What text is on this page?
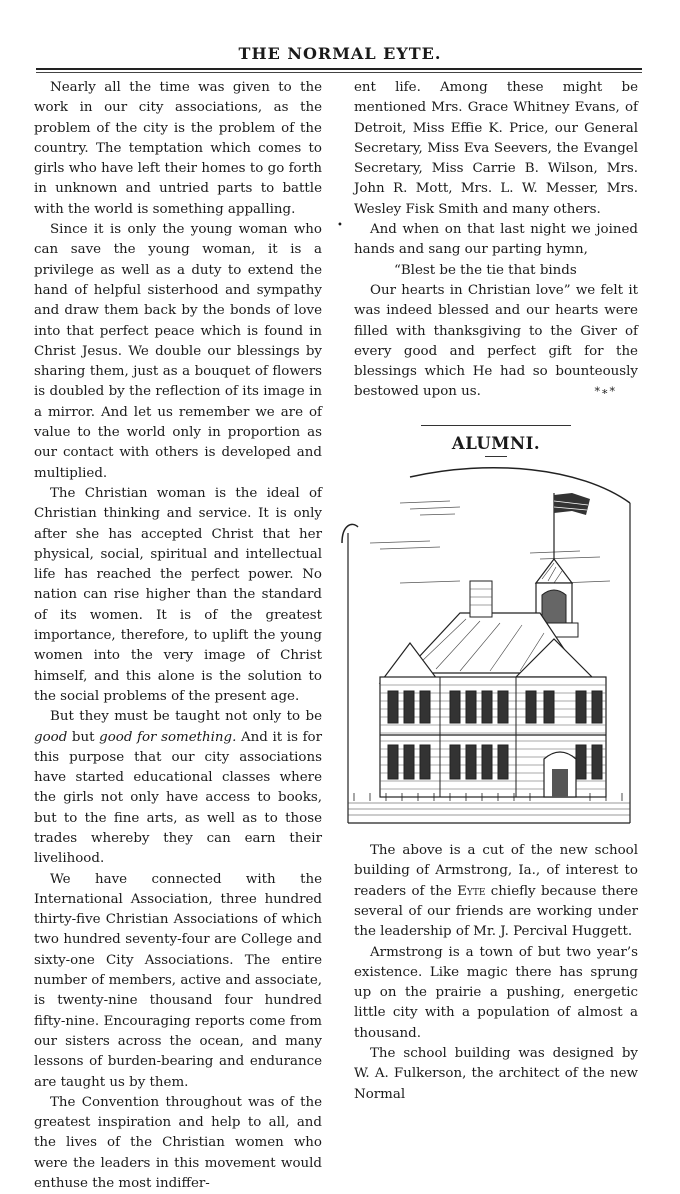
THE NORMAL EYTE.

Nearly all the time was given to the work in our city associations, as the problem of the city is the problem of the country. The temptation which comes to girls who have left their homes to go forth in unknown and untried parts to battle with the world is something appalling.

Since it is only the young woman who can save the young woman, it is a privilege as well as a duty to extend the hand of helpful sisterhood and sympathy and draw them back by the bonds of love into that perfect peace which is found in Christ Jesus. We double our blessings by sharing them, just as a bouquet of flowers is doubled by the reflection of its image in a mirror. And let us remember we are of value to the world only in proportion as our contact with others is developed and multiplied.

The Christian woman is the ideal of Christian thinking and service. It is only after she has accepted Christ that her physical, social, spiritual and intellectual life has reached the perfect power. No nation can rise higher than the standard of its women. It is of the greatest importance, therefore, to uplift the young women into the very image of Christ himself, and this alone is the solution to the social problems of the present age.

But they must be taught not only to be good but good for something. And it is for this purpose that our city associations have started educational classes where the girls not only have access to books, but to the fine arts, as well as to those trades whereby they can earn their livelihood.

We have connected with the International Association, three hundred thirty-five Christian Associations of which two hundred seventy-four are College and sixty-one City Associations. The entire number of members, active and associate, is twenty-nine thousand four hundred fifty-nine. Encouraging reports come from our sisters across the ocean, and many lessons of burden-bearing and endurance are taught us by them.

The Convention throughout was of the greatest inspiration and help to all, and the lives of the Christian women who were the leaders in this movement would enthuse the most indiffer-

•

ent life. Among these might be mentioned Mrs. Grace Whitney Evans, of Detroit, Miss Effie K. Price, our General Secretary, Miss Eva Seevers, the Evangel Secretary, Miss Carrie B. Wilson, Mrs. John R. Mott, Mrs. L. W. Messer, Mrs. Wesley Fisk Smith and many others.

And when on that last night we joined hands and sang our parting hymn,

“Blest be the tie that binds

Our hearts in Christian love” we felt it was indeed blessed and our hearts were filled with thanksgiving to the Giver of every good and perfect gift for the blessings which He had so bounteously bestowed upon us.	*∗*

ALUMNI.

The above is a cut of the new school building of Armstrong, Ia., of interest to readers of the Eyte chiefly because there several of our friends are working under the leadership of Mr. J. Percival Huggett.

Armstrong is a town of but two year’s existence. Like magic there has sprung up on the prairie a pushing, energetic little city with a population of almost a thousand.

The school building was designed by W. A. Fulkerson, the architect of the new Normal
